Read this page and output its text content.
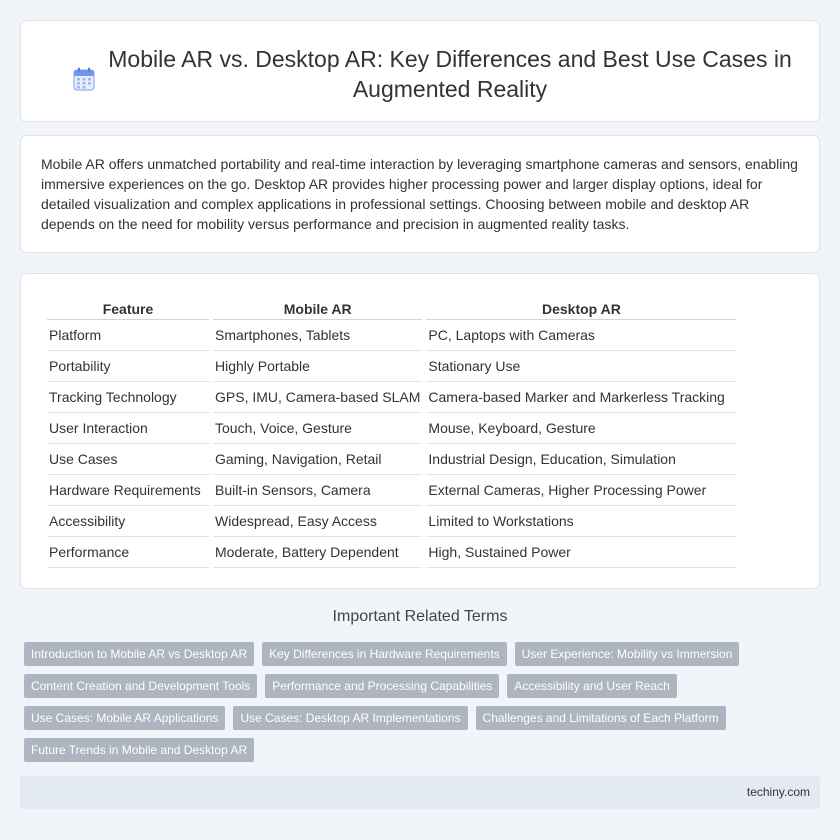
Mobile AR vs. Desktop AR: Key Differences and Best Use Cases in Augmented Reality

Mobile AR offers unmatched portability and real-time interaction by leveraging smartphone cameras and sensors, enabling immersive experiences on the go. Desktop AR provides higher processing power and larger display options, ideal for detailed visualization and complex applications in professional settings. Choosing between mobile and desktop AR depends on the need for mobility versus performance and precision in augmented reality tasks.

Feature	Mobile AR	Desktop AR
Platform	Smartphones, Tablets	PC, Laptops with Cameras
Portability	Highly Portable	Stationary Use
Tracking Technology	GPS, IMU, Camera-based SLAM	Camera-based Marker and Markerless Tracking
User Interaction	Touch, Voice, Gesture	Mouse, Keyboard, Gesture
Use Cases	Gaming, Navigation, Retail	Industrial Design, Education, Simulation
Hardware Requirements	Built-in Sensors, Camera	External Cameras, Higher Processing Power
Accessibility	Widespread, Easy Access	Limited to Workstations
Performance	Moderate, Battery Dependent	High, Sustained Power
Important Related Terms
Introduction to Mobile AR vs Desktop AR	Key Differences in Hardware Requirements	User Experience: Mobility vs Immersion
Content Creation and Development Tools	Performance and Processing Capabilities	Accessibility and User Reach
Use Cases: Mobile AR Applications	Use Cases: Desktop AR Implementations	Challenges and Limitations of Each Platform
Future Trends in Mobile and Desktop AR
techiny.com
